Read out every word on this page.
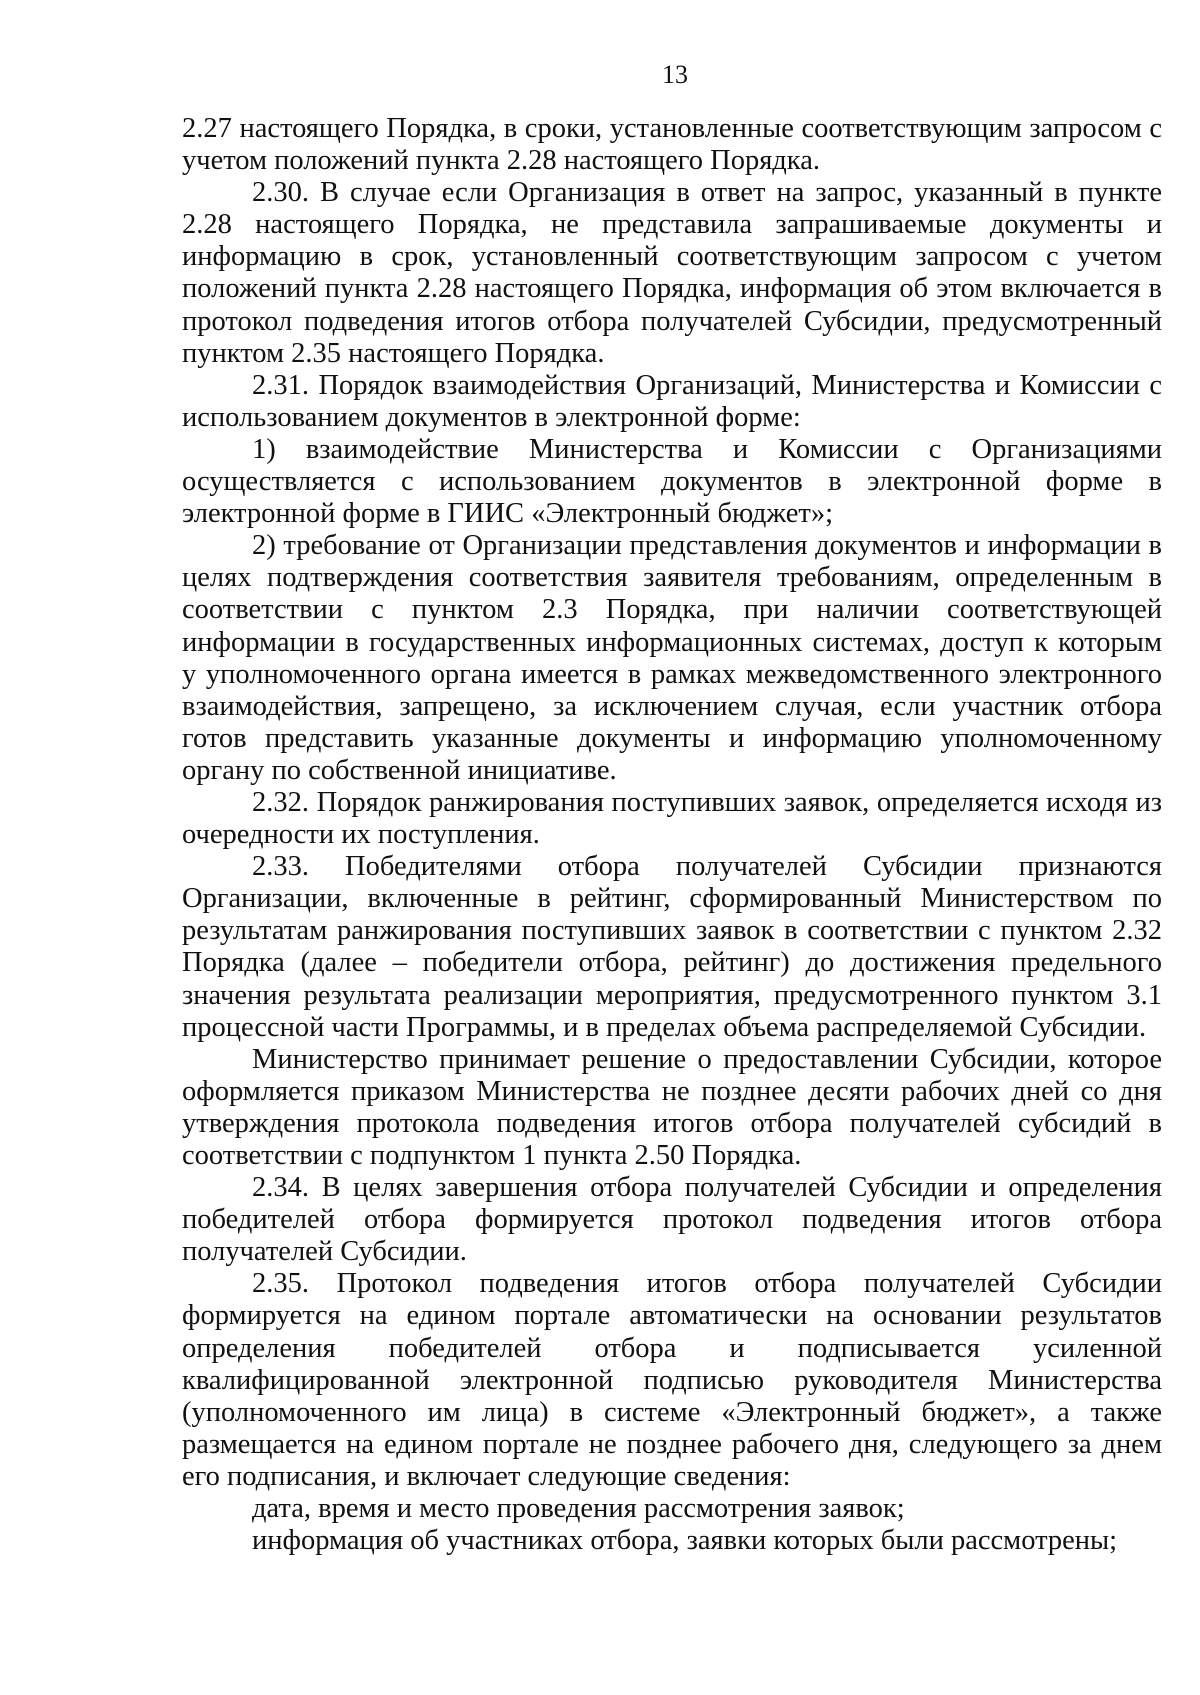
13

2.27 настоящего Порядка, в сроки, установленные соответствующим запросом с учетом положений пункта 2.28 настоящего Порядка.

2.30. В случае если Организация в ответ на запрос, указанный в пункте 2.28 настоящего Порядка, не представила запрашиваемые документы и информацию в срок, установленный соответствующим запросом с учетом положений пункта 2.28 настоящего Порядка, информация об этом включается в протокол подведения итогов отбора получателей Субсидии, предусмотренный пунктом 2.35 настоящего Порядка.

2.31. Порядок взаимодействия Организаций, Министерства и Комиссии с использованием документов в электронной форме:

1) взаимодействие Министерства и Комиссии с Организациями осуществляется с использованием документов в электронной форме в электронной форме в ГИИС «Электронный бюджет»;

2) требование от Организации представления документов и информации в целях подтверждения соответствия заявителя требованиям, определенным в соответствии с пунктом 2.3 Порядка, при наличии соответствующей информации в государственных информационных системах, доступ к которым у уполномоченного органа имеется в рамках межведомственного электронного взаимодействия, запрещено, за исключением случая, если участник отбора готов представить указанные документы и информацию уполномоченному органу по собственной инициативе.

2.32. Порядок ранжирования поступивших заявок, определяется исходя из очередности их поступления.

2.33. Победителями отбора получателей Субсидии признаются Организации, включенные в рейтинг, сформированный Министерством по результатам ранжирования поступивших заявок в соответствии с пунктом 2.32 Порядка (далее – победители отбора, рейтинг) до достижения предельного значения результата реализации мероприятия, предусмотренного пунктом 3.1 процессной части Программы, и в пределах объема распределяемой Субсидии.

Министерство принимает решение о предоставлении Субсидии, которое оформляется приказом Министерства не позднее десяти рабочих дней со дня утверждения протокола подведения итогов отбора получателей субсидий в соответствии с подпунктом 1 пункта 2.50 Порядка.

2.34. В целях завершения отбора получателей Субсидии и определения победителей отбора формируется протокол подведения итогов отбора получателей Субсидии.

2.35. Протокол подведения итогов отбора получателей Субсидии формируется на едином портале автоматически на основании результатов определения победителей отбора и подписывается усиленной квалифицированной электронной подписью руководителя Министерства (уполномоченного им лица) в системе «Электронный бюджет», а также размещается на едином портале не позднее рабочего дня, следующего за днем его подписания, и включает следующие сведения:

дата, время и место проведения рассмотрения заявок;

информация об участниках отбора, заявки которых были рассмотрены;
